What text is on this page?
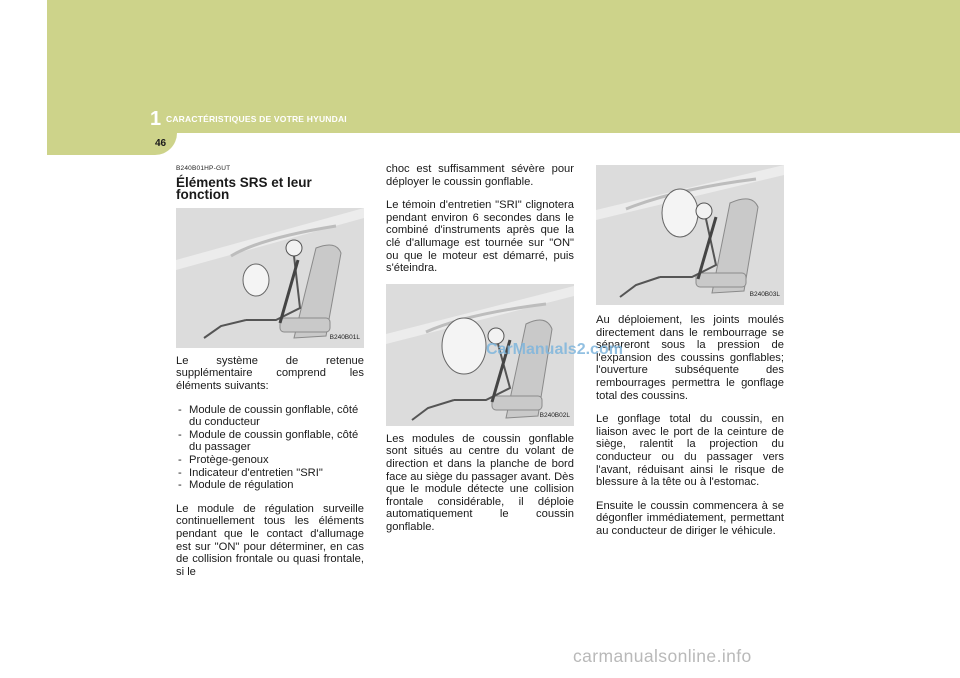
1 CARACTÉRISTIQUES DE VOTRE HYUNDAI
46
B240B01HP-GUT
Éléments SRS et leur fonction
B240B01L

Le système de retenue supplémentaire comprend les éléments suivants:

- Module de coussin gonflable, côté du conducteur
- Module de coussin gonflable, côté du passager
- Protège-genoux
- Indicateur d'entretien "SRI"
- Module de régulation

Le module de régulation surveille continuellement tous les éléments pendant que le contact d'allumage est sur "ON" pour déterminer, en cas de collision frontale ou quasi frontale, si le

choc est suffisamment sévère pour déployer le coussin gonflable.

Le témoin d'entretien "SRI" clignotera pendant environ 6 secondes dans le combiné d'instruments après que la clé d'allumage est tournée sur "ON" ou que le moteur est démarré, puis s'éteindra.

B240B02L

Les modules de coussin gonflable sont situés au centre du volant de direction et dans la planche de bord face au siège du passager avant. Dès que le module détecte une collision frontale considérable, il déploie automatiquement le coussin gonflable.

B240B03L

Au déploiement, les joints moulés directement dans le rembourrage se sépareront sous la pression de l'expansion des coussins gonflables; l'ouverture subséquente des rembourrages permettra le gonflage total des coussins.

Le gonflage total du coussin, en liaison avec le port de la ceinture de siège, ralentit la projection du conducteur ou du passager vers l'avant, réduisant ainsi le risque de blessure à la tête ou à l'estomac.

Ensuite le coussin commencera à se dégonfler immédiatement, permettant au conducteur de diriger le véhicule.

CarManuals2.com
carmanualsonline.info
